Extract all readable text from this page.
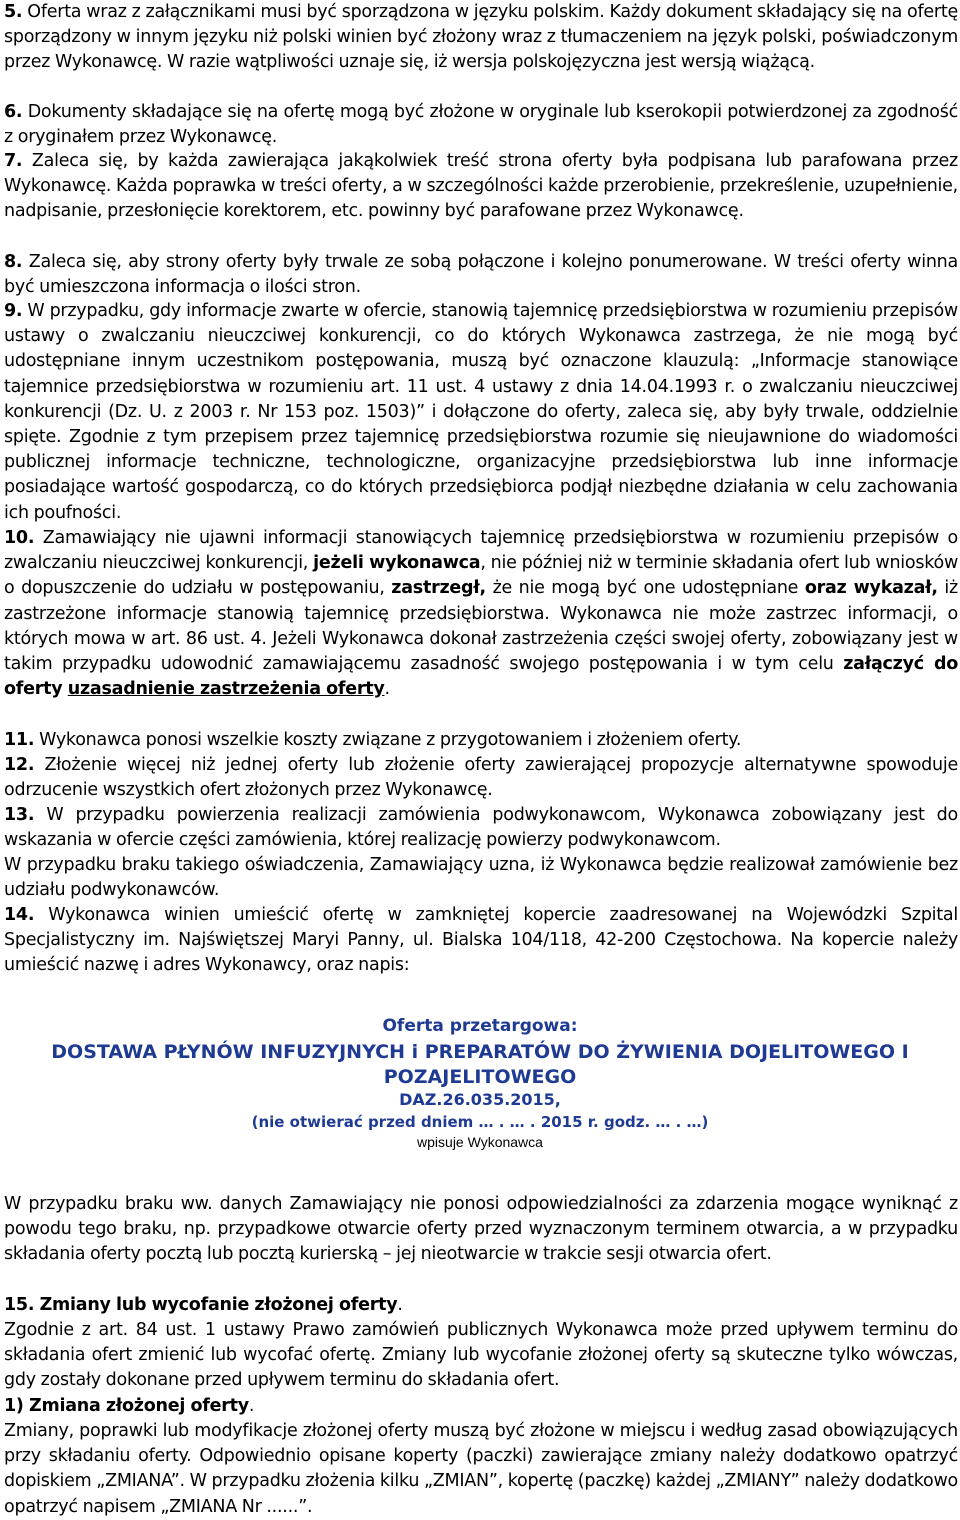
5. Oferta wraz z załącznikami musi być sporządzona w języku polskim. Każdy dokument składający się na ofertę sporządzony w innym języku niż polski winien być złożony wraz z tłumaczeniem na język polski, poświadczonym przez Wykonawcę. W razie wątpliwości uznaje się, iż wersja polskojęzyczna jest wersją wiążącą.
6. Dokumenty składające się na ofertę mogą być złożone w oryginale lub kserokopii potwierdzonej za zgodność z oryginałem przez Wykonawcę.
7. Zaleca się, by każda zawierająca jakąkolwiek treść strona oferty była podpisana lub parafowana przez Wykonawcę. Każda poprawka w treści oferty, a w szczególności każde przerobienie, przekreślenie, uzupełnienie, nadpisanie, przesłonięcie korektorem, etc. powinny być parafowane przez Wykonawcę.
8. Zaleca się, aby strony oferty były trwale ze sobą połączone i kolejno ponumerowane. W treści oferty winna być umieszczona informacja o ilości stron.
9. W przypadku, gdy informacje zwarte w ofercie, stanowią tajemnicę przedsiębiorstwa w rozumieniu przepisów ustawy o zwalczaniu nieuczciwej konkurencji, co do których Wykonawca zastrzega, że nie mogą być udostępniane innym uczestnikom postępowania, muszą być oznaczone klauzulą: „Informacje stanowiące tajemnice przedsiębiorstwa w rozumieniu art. 11 ust. 4 ustawy z dnia 14.04.1993 r. o zwalczaniu nieuczciwej konkurencji (Dz. U. z 2003 r. Nr 153 poz. 1503)” i dołączone do oferty, zaleca się, aby były trwale, oddzielnie spięte. Zgodnie z tym przepisem przez tajemnicę przedsiębiorstwa rozumie się nieujawnione do wiadomości publicznej informacje techniczne, technologiczne, organizacyjne przedsiębiorstwa lub inne informacje posiadające wartość gospodarczą, co do których przedsiębiorca podjął niezbędne działania w celu zachowania ich poufności.
10. Zamawiający nie ujawni informacji stanowiących tajemnicę przedsiębiorstwa w rozumieniu przepisów o zwalczaniu nieuczciwej konkurencji, jeżeli wykonawca, nie później niż w terminie składania ofert lub wniosków o dopuszczenie do udziału w postępowaniu, zastrzegł, że nie mogą być one udostępniane oraz wykazał, iż zastrzeżone informacje stanowią tajemnicę przedsiębiorstwa. Wykonawca nie może zastrzec informacji, o których mowa w art. 86 ust. 4. Jeżeli Wykonawca dokonał zastrzeżenia części swojej oferty, zobowiązany jest w takim przypadku udowodnić zamawiającemu zasadność swojego postępowania i w tym celu załączyć do oferty uzasadnienie zastrzeżenia oferty.
11. Wykonawca ponosi wszelkie koszty związane z przygotowaniem i złożeniem oferty.
12. Złożenie więcej niż jednej oferty lub złożenie oferty zawierającej propozycje alternatywne spowoduje odrzucenie wszystkich ofert złożonych przez Wykonawcę.
13. W przypadku powierzenia realizacji zamówienia podwykonawcom, Wykonawca zobowiązany jest do wskazania w ofercie części zamówienia, której realizację powierzy podwykonawcom.
W przypadku braku takiego oświadczenia, Zamawiający uzna, iż Wykonawca będzie realizował zamówienie bez udziału podwykonawców.
14. Wykonawca winien umieścić ofertę w zamkniętej kopercie zaadresowanej na Wojewódzki Szpital Specjalistyczny im. Najświętszej Maryi Panny, ul. Bialska 104/118, 42-200 Częstochowa. Na kopercie należy umieścić nazwę i adres Wykonawcy, oraz napis:
Oferta przetargowa:
DOSTAWA PŁYNÓW INFUZYJNYCH i PREPARATÓW DO ŻYWIENIA DOJELITOWEGO I POZAJELITOWEGO
DAZ.26.035.2015,
(nie otwierać przed dniem … . … . 2015 r. godz. … . …)
wpisuje Wykonawca
W przypadku braku ww. danych Zamawiający nie ponosi odpowiedzialności za zdarzenia mogące wyniknąć z powodu tego braku, np. przypadkowe otwarcie oferty przed wyznaczonym terminem otwarcia, a w przypadku składania oferty pocztą lub pocztą kurierską – jej nieotwarcie w trakcie sesji otwarcia ofert.
15. Zmiany lub wycofanie złożonej oferty.
Zgodnie z art. 84 ust. 1 ustawy Prawo zamówień publicznych Wykonawca może przed upływem terminu do składania ofert zmienić lub wycofać ofertę. Zmiany lub wycofanie złożonej oferty są skuteczne tylko wówczas, gdy zostały dokonane przed upływem terminu do składania ofert.
1) Zmiana złożonej oferty.
Zmiany, poprawki lub modyfikacje złożonej oferty muszą być złożone w miejscu i według zasad obowiązujących przy składaniu oferty. Odpowiednio opisane koperty (paczki) zawierające zmiany należy dodatkowo opatrzyć dopiskiem „ZMIANA”. W przypadku złożenia kilku „ZMIAN”, kopertę (paczkę) każdej „ZMIANY” należy dodatkowo opatrzyć napisem „ZMIANA Nr ......”.
